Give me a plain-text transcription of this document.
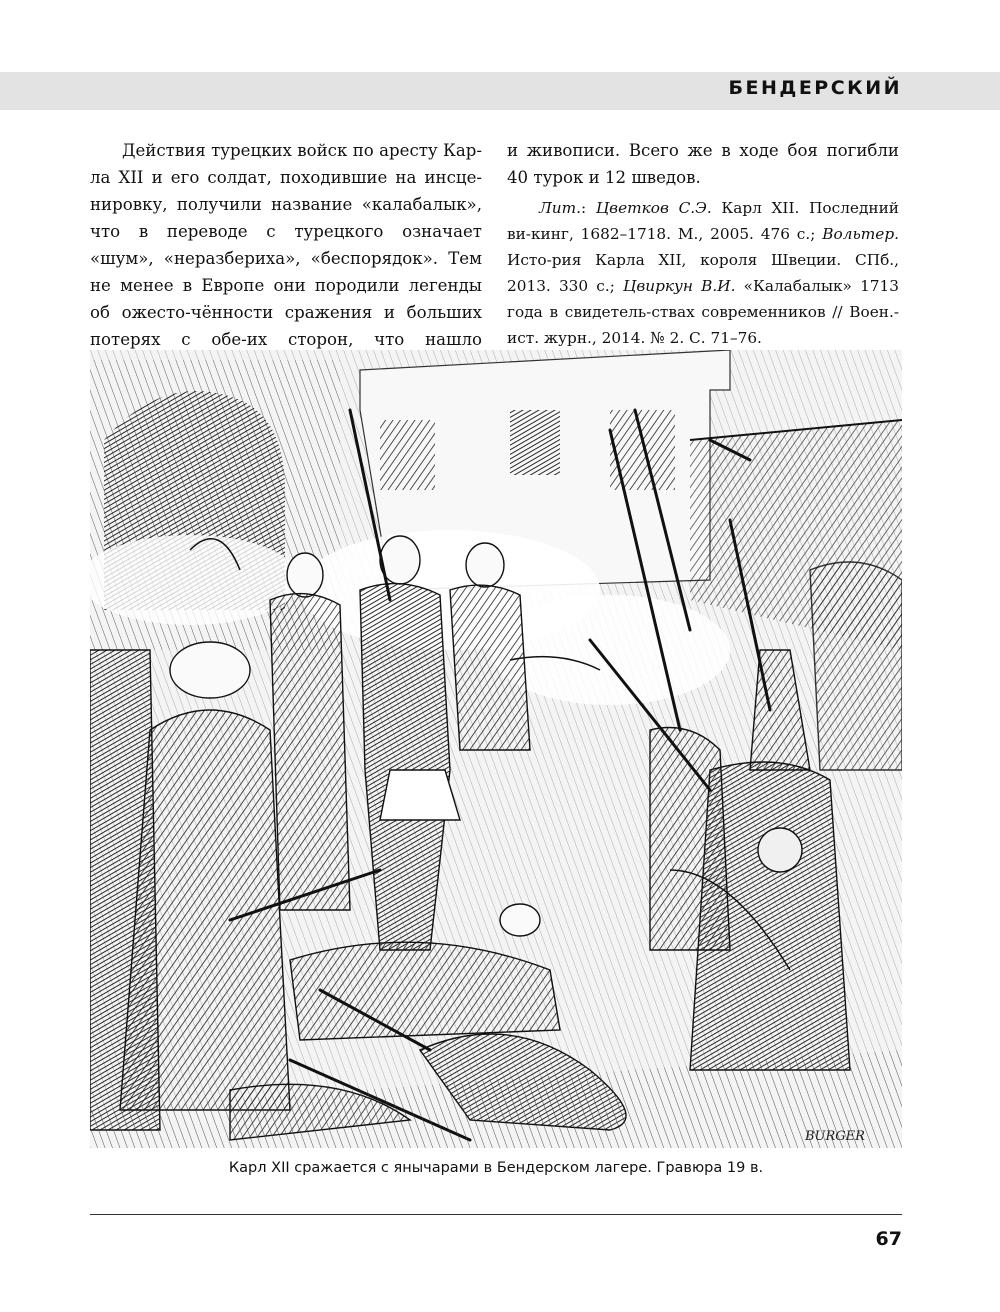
БЕНДЕРСКИЙ

Действия турецких войск по аресту Кар-ла XII и его солдат, походившие на инсце-нировку, получили название «калабалык», что в переводе с турецкого означает «шум», «неразбериха», «беспорядок». Тем не менее в Европе они породили легенды об ожесто-чённости сражения и больших потерях с обе-их сторон, что нашло

и живописи. Всего же в ходе боя погибли 40 турок и 12 шведов.

Лит.: Цветков С.Э. Карл XII. Последний ви-кинг, 1682–1718. М., 2005. 476 с.; Вольтер. Исто-рия Карла XII, короля Швеции. СПб., 2013. 330 с.; Цвиркун В.И. «Калабалык» 1713 года в свидетель-ствах современников // Воен.-ист. журн., 2014. № 2. С. 71–76.

BURGER
Карл XII сражается с янычарами в Бендерском лагере. Гравюра 19 в.
67
